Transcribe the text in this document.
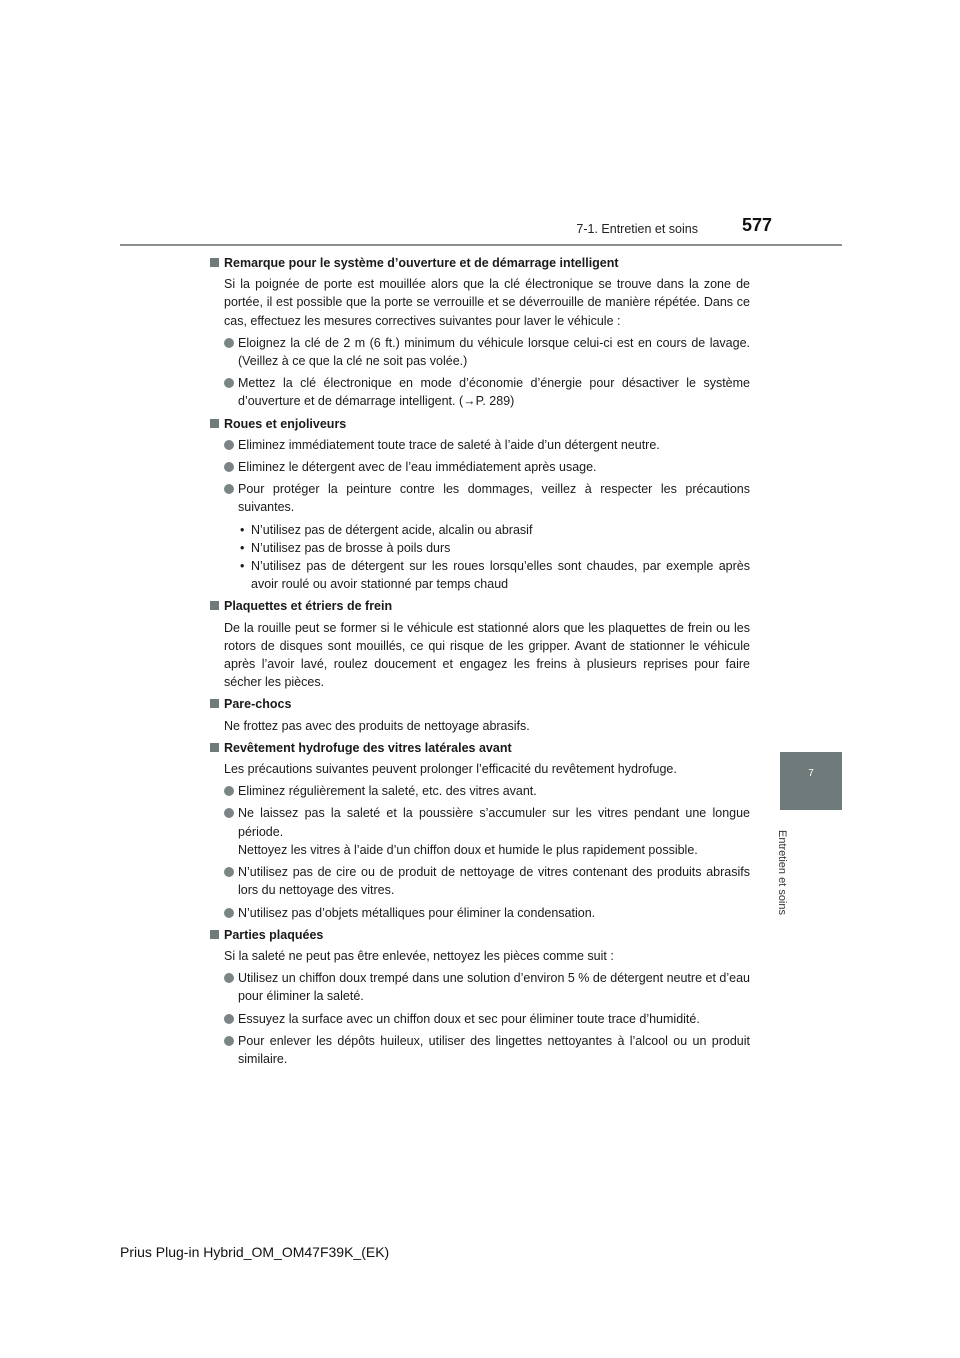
7-1. Entretien et soins 577
7
Entretien et soins
Remarque pour le système d’ouverture et de démarrage intelligent
Si la poignée de porte est mouillée alors que la clé électronique se trouve dans la zone de portée, il est possible que la porte se verrouille et se déverrouille de manière répétée. Dans ce cas, effectuez les mesures correctives suivantes pour laver le véhicule :
Eloignez la clé de 2 m (6 ft.) minimum du véhicule lorsque celui-ci est en cours de lavage. (Veillez à ce que la clé ne soit pas volée.)
Mettez la clé électronique en mode d’économie d’énergie pour désactiver le système d’ouverture et de démarrage intelligent. (→P. 289)
Roues et enjoliveurs
Eliminez immédiatement toute trace de saleté à l’aide d’un détergent neutre.
Eliminez le détergent avec de l’eau immédiatement après usage.
Pour protéger la peinture contre les dommages, veillez à respecter les précautions suivantes.
• N’utilisez pas de détergent acide, alcalin ou abrasif
• N’utilisez pas de brosse à poils durs
• N’utilisez pas de détergent sur les roues lorsqu’elles sont chaudes, par exemple après avoir roulé ou avoir stationné par temps chaud
Plaquettes et étriers de frein
De la rouille peut se former si le véhicule est stationné alors que les plaquettes de frein ou les rotors de disques sont mouillés, ce qui risque de les gripper. Avant de stationner le véhicule après l’avoir lavé, roulez doucement et engagez les freins à plusieurs reprises pour faire sécher les pièces.
Pare-chocs
Ne frottez pas avec des produits de nettoyage abrasifs.
Revêtement hydrofuge des vitres latérales avant
Les précautions suivantes peuvent prolonger l’efficacité du revêtement hydrofuge.
Eliminez régulièrement la saleté, etc. des vitres avant.
Ne laissez pas la saleté et la poussière s’accumuler sur les vitres pendant une longue période.
Nettoyez les vitres à l’aide d’un chiffon doux et humide le plus rapidement possible.
N’utilisez pas de cire ou de produit de nettoyage de vitres contenant des produits abrasifs lors du nettoyage des vitres.
N’utilisez pas d’objets métalliques pour éliminer la condensation.
Parties plaquées
Si la saleté ne peut pas être enlevée, nettoyez les pièces comme suit :
Utilisez un chiffon doux trempé dans une solution d’environ 5 % de détergent neutre et d’eau pour éliminer la saleté.
Essuyez la surface avec un chiffon doux et sec pour éliminer toute trace d’humidité.
Pour enlever les dépôts huileux, utiliser des lingettes nettoyantes à l’alcool ou un produit similaire.
Prius Plug-in Hybrid_OM_OM47F39K_(EK)
